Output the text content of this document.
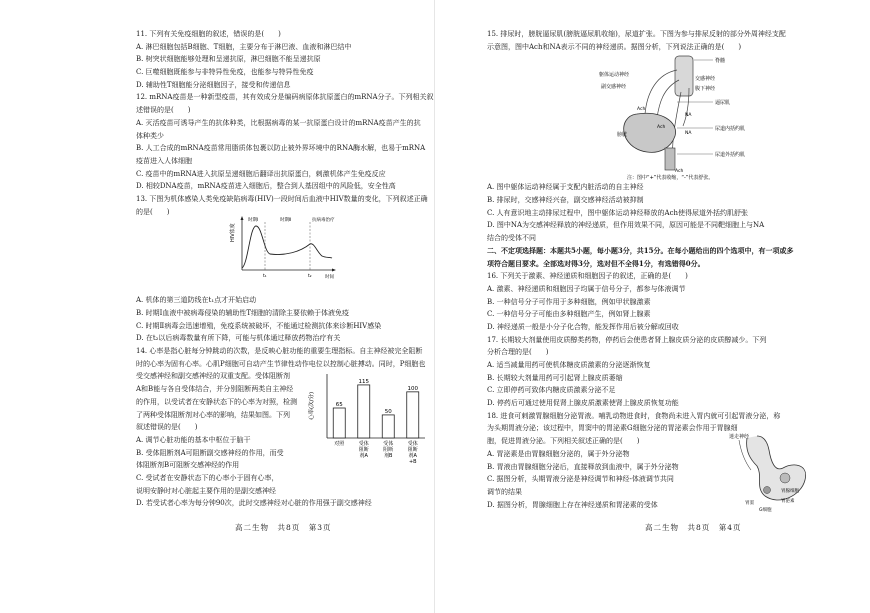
11. 下列有关免疫细胞的叙述，错误的是(　　)
A. 淋巴细胞包括B细胞、T细胞，主要分布于淋巴液、血液和淋巴结中
B. 树突状细胞能够处理和呈递抗原，淋巴细胞不能呈递抗原
C. 巨噬细胞既能参与非特异性免疫，也能参与特异性免疫
D. 辅助性T细胞能分泌细胞因子，接受和传递信息
12. mRNA疫苗是一种新型疫苗，其有效成分是编码病原体抗原蛋白的mRNA分子。下列相关叙
述错误的是(　　)
A. 灭活疫苗可诱导产生的抗体种类，比根据病毒的某一抗原蛋白设计的mRNA疫苗产生的抗
体种类少
B. 人工合成的mRNA疫苗常用脂质体包裹以防止被外界环境中的RNA酶水解，也易于mRNA
疫苗进入人体细胞
C. 疫苗中的mRNA进入抗原呈递细胞后翻译出抗原蛋白，刺激机体产生免疫反应
D. 相较DNA疫苗，mRNA疫苗进入细胞后，整合到人基因组中的风险低，安全性高
13. 下图为机体感染人类免疫缺陷病毒(HIV)一段时间后血液中HIV数量的变化，下列叙述正确
的是(　　)
A. 机体的第三道防线在t₁点才开始启动
B. 时期Ⅰ血液中被病毒侵染的辅助性T细胞的清除主要依赖于体液免疫
C. 时期Ⅱ病毒会迅速增殖，免疫系统被破坏，不能通过检测抗体来诊断HIV感染
D. 在t₂以后病毒数量有所下降，可能与机体通过释放药物治疗有关
14. 心率是指心脏每分钟跳动的次数，是反映心脏功能的重要生理指标。自主神经被完全阻断
时的心率为固有心率。心肌P细胞可自动产生节律性动作电位以控制心脏搏动。同时，P细胞也
受交感神经和副交感神经的双重支配。受体阻断剂
A和B能与各自受体结合，并分别阻断两类自主神经
的作用，以受试者在安静状态下的心率为对照，检测
了两种受体阻断剂对心率的影响，结果如图。下列
叙述错误的是(　　)
A. 调节心脏功能的基本中枢位于脑干
B. 受体阻断剂A可阻断副交感神经的作用，而受
体阻断剂B可阻断交感神经的作用
C. 受试者在安静状态下的心率小于固有心率，
说明安静时对心脏起主要作用的是副交感神经
D. 若受试者心率为每分钟90次，此时交感神经对心脏的作用强于副交感神经
HIV浓度
时期Ⅰ	时期Ⅱ	抗病毒治疗
t₁	t₂	时间
心率(次/分)	65
对照
115
受体
阻断
剂A
50
受体
阻断
剂B
100
受体
阻断
剂A
+B
高二生物　共8页　第3页
15. 排尿时，膀胱逼尿肌(膀胱逼尿肌收缩)，尿道扩张。下图为参与排尿反射的部分外周神经支配
示意图，图中Ach和NA表示不同的神经递质。据图分析，下列说法正确的是(　　)
A. 图中躯体运动神经属于支配内脏活动的自主神经
B. 排尿时，交感神经兴奋，副交感神经活动被抑制
C. 人有意识地主动排尿过程中，图中躯体运动神经释放的Ach使得尿道外括约肌舒张
D. 图中NA为交感神经释放的神经递质，但作用效果不同，原因可能是不同靶细胞上与NA
结合的受体不同
二、不定项选择题：本题共5小题，每小题3分，共15分。在每小题给出的四个选项中，有一项或多
项符合题目要求。全部选对得3分，选对但不全得1分，有选错得0分。
16. 下列关于激素、神经递质和细胞因子的叙述，正确的是(　　)
A. 激素、神经递质和细胞因子均属于信号分子，都参与体液调节
B. 一种信号分子可作用于多种细胞，例如甲状腺激素
C. 一种信号分子可能由多种细胞产生，例如肾上腺素
D. 神经递质一般是小分子化合物，能发挥作用后被分解或回收
17. 长期较大剂量使用皮质醇类药物，停药后会使患者肾上腺皮质分泌的皮质醇减少。下列
分析合理的是(　　)
A. 适当减量用药可使机体糖皮质激素的分泌逐渐恢复
B. 长期较大剂量用药可引起肾上腺皮质萎缩
C. 立即停药可致体内糖皮质激素分泌不足
D. 停药后可通过使用促肾上腺皮质激素使肾上腺皮质恢复功能
18. 进食可刺激胃腺细胞分泌胃液。哺乳动物进食时，食物尚未进入胃内就可引起胃液分泌，称
为头期胃液分泌；该过程中，胃窦中的胃泌素G细胞分泌的胃泌素会作用于胃腺细
胞，促进胃液分泌。下列相关叙述正确的是(　　)
A. 胃泌素是由胃腺细胞分泌的，属于外分泌物
B. 胃液由胃腺细胞分泌后，直接释放到血液中，属于外分泌物
C. 据图分析，头期胃液分泌是神经调节和神经-体液调节共同
调节的结果
D. 据图分析，胃腺细胞上存在神经递质和胃泌素的受体
脊髓
躯体运动神经
副交感神经
交感神经
腹下神经
逼尿肌
膀胱
尿道内括约肌
尿道外括约肌
Ach
NA
NA
Ach
Ach
注：图中“+”代表收缩，“-”代表舒张。
迷走神经
胃腺细胞
胃泌素
胃窦
G细胞
高二生物　共8页　第4页
